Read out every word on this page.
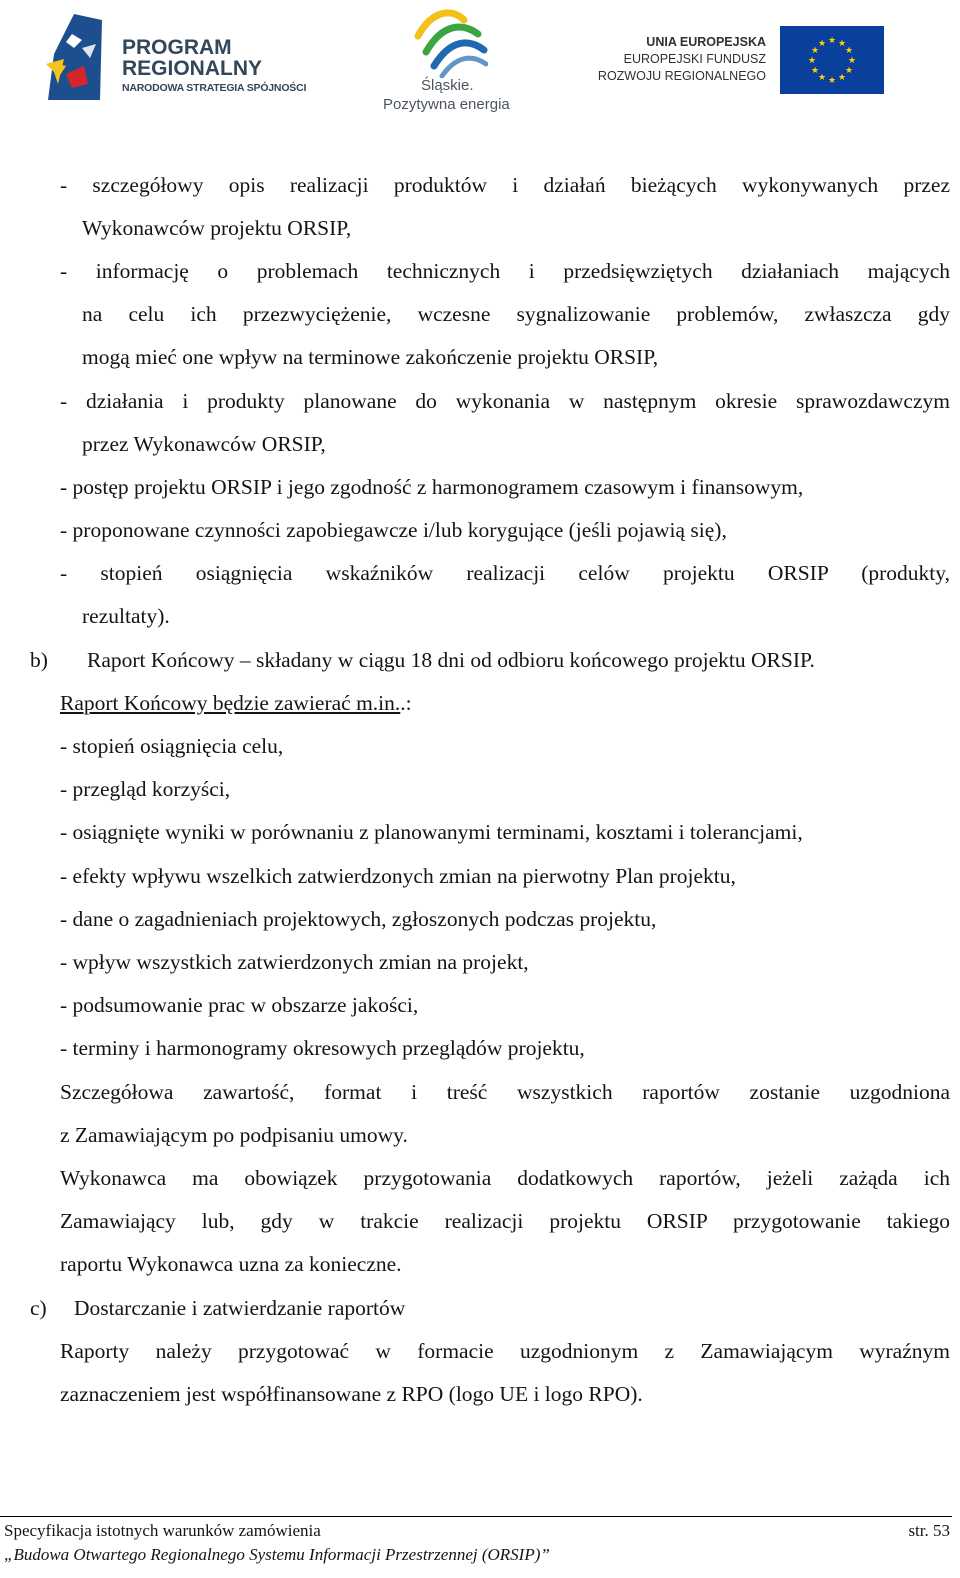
PROGRAM
REGIONALNY
NARODOWA STRATEGIA SPÓJNOŚCI	Śląskie.
Pozytywna energia
UNIA EUROPEJSKA
EUROPEJSKI FUNDUSZ
ROZWOJU REGIONALNEGO
★ ★
★
★
★
★
★
★
★
★
★
★
- szczegółowy opis realizacji produktów i działań bieżących wykonywanych przez
Wykonawców projektu ORSIP,
- informację o problemach technicznych i przedsięwziętych działaniach mających
na celu ich przezwyciężenie, wczesne sygnalizowanie problemów, zwłaszcza gdy
mogą mieć one wpływ na terminowe zakończenie projektu ORSIP,
- działania i produkty planowane do wykonania w następnym okresie sprawozdawczym
przez Wykonawców ORSIP,
- postęp projektu ORSIP i jego zgodność z harmonogramem czasowym i finansowym,
- proponowane czynności zapobiegawcze i/lub korygujące (jeśli pojawią się),
- stopień osiągnięcia wskaźników realizacji celów projektu ORSIP (produkty,
rezultaty).
b) Raport Końcowy – składany w ciągu 18 dni od odbioru końcowego projektu ORSIP.
Raport Końcowy będzie zawierać m.in..:
- stopień osiągnięcia celu,
- przegląd korzyści,
- osiągnięte wyniki w porównaniu z planowanymi terminami, kosztami i tolerancjami,
- efekty wpływu wszelkich zatwierdzonych zmian na pierwotny Plan projektu,
- dane o zagadnieniach projektowych, zgłoszonych podczas projektu,
- wpływ wszystkich zatwierdzonych zmian na projekt,
- podsumowanie prac w obszarze jakości,
- terminy i harmonogramy okresowych przeglądów projektu,
Szczegółowa zawartość, format i treść wszystkich raportów zostanie uzgodniona
z Zamawiającym po podpisaniu umowy.
Wykonawca ma obowiązek przygotowania dodatkowych raportów, jeżeli zażąda ich
Zamawiający lub, gdy w trakcie realizacji projektu ORSIP przygotowanie takiego
raportu Wykonawca uzna za konieczne.
c) Dostarczanie i zatwierdzanie raportów
Raporty należy przygotować w formacie uzgodnionym z Zamawiającym wyraźnym
zaznaczeniem jest współfinansowane z RPO (logo UE i logo RPO).
Specyfikacja istotnych warunków zamówienia	str. 53
„Budowa Otwartego Regionalnego Systemu Informacji Przestrzennej (ORSIP)”
